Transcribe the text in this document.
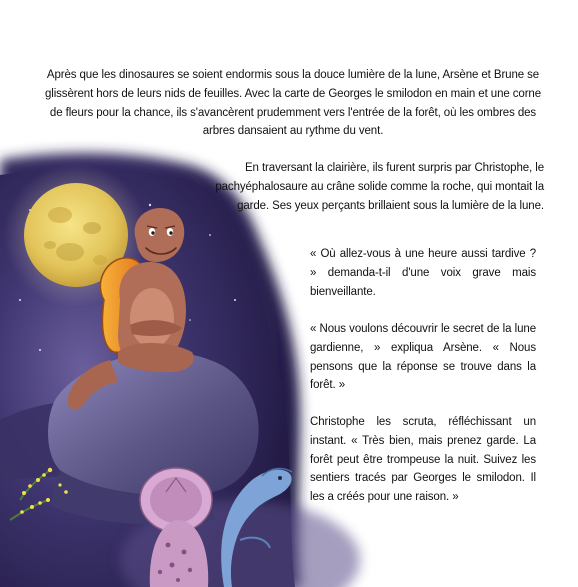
Après que les dinosaures se soient endormis sous la douce lumière de la lune, Arsène et Brune se glissèrent hors de leurs nids de feuilles. Avec la carte de Georges le smilodon en main et une corne de fleurs pour la chance, ils s'avancèrent prudemment vers l'entrée de la forêt, où les ombres des arbres dansaient au rythme du vent.

En traversant la clairière, ils furent surpris par Christophe, le pachyéphalosaure au crâne solide comme la roche, qui montait la garde. Ses yeux perçants brillaient sous la lumière de la lune.

« Où allez-vous à une heure aussi tardive ? » demanda-t-il d'une voix grave mais bienveillante.

« Nous voulons découvrir le secret de la lune gardienne, » expliqua Arsène. « Nous pensons que la réponse se trouve dans la forêt. »

Christophe les scruta, réfléchissant un instant. « Très bien, mais prenez garde. La forêt peut être trompeuse la nuit. Suivez les sentiers tracés par Georges le smilodon. Il les a créés pour une raison. »
